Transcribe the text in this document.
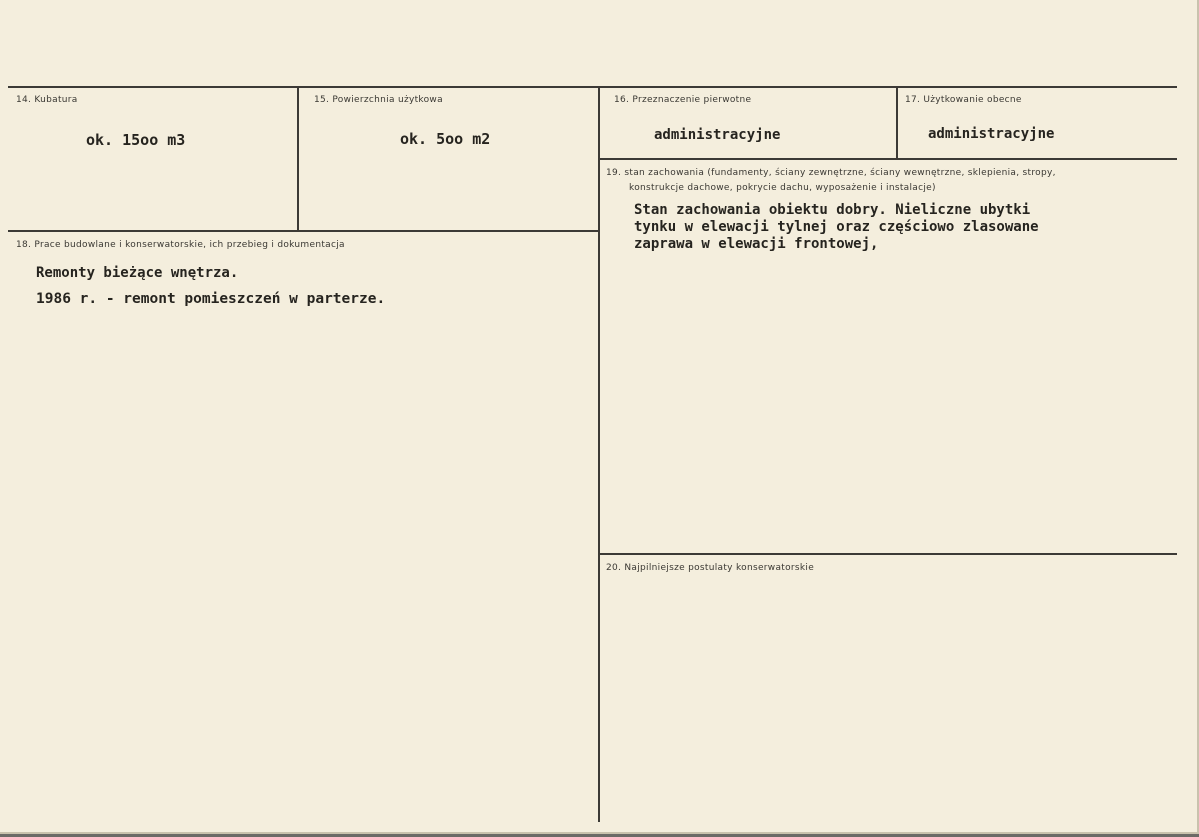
14. Kubatura
ok. 15oo m3
15. Powierzchnia użytkowa
ok. 5oo m2
16. Przeznaczenie pierwotne
administracyjne
17. Użytkowanie obecne
administracyjne
18. Prace budowlane i konserwatorskie, ich przebieg i dokumentacja
Remonty bieżące wnętrza.
1986 r. - remont pomieszczeń w parterze.
19. stan zachowania (fundamenty, ściany zewnętrzne, ściany wewnętrzne, sklepienia, stropy,
konstrukcje dachowe, pokrycie dachu, wyposażenie i instalacje)
Stan zachowania obiektu dobry. Nieliczne ubytki
tynku w elewacji tylnej oraz częściowo zlasowane
zaprawa w elewacji frontowej,
20. Najpilniejsze postulaty konserwatorskie
